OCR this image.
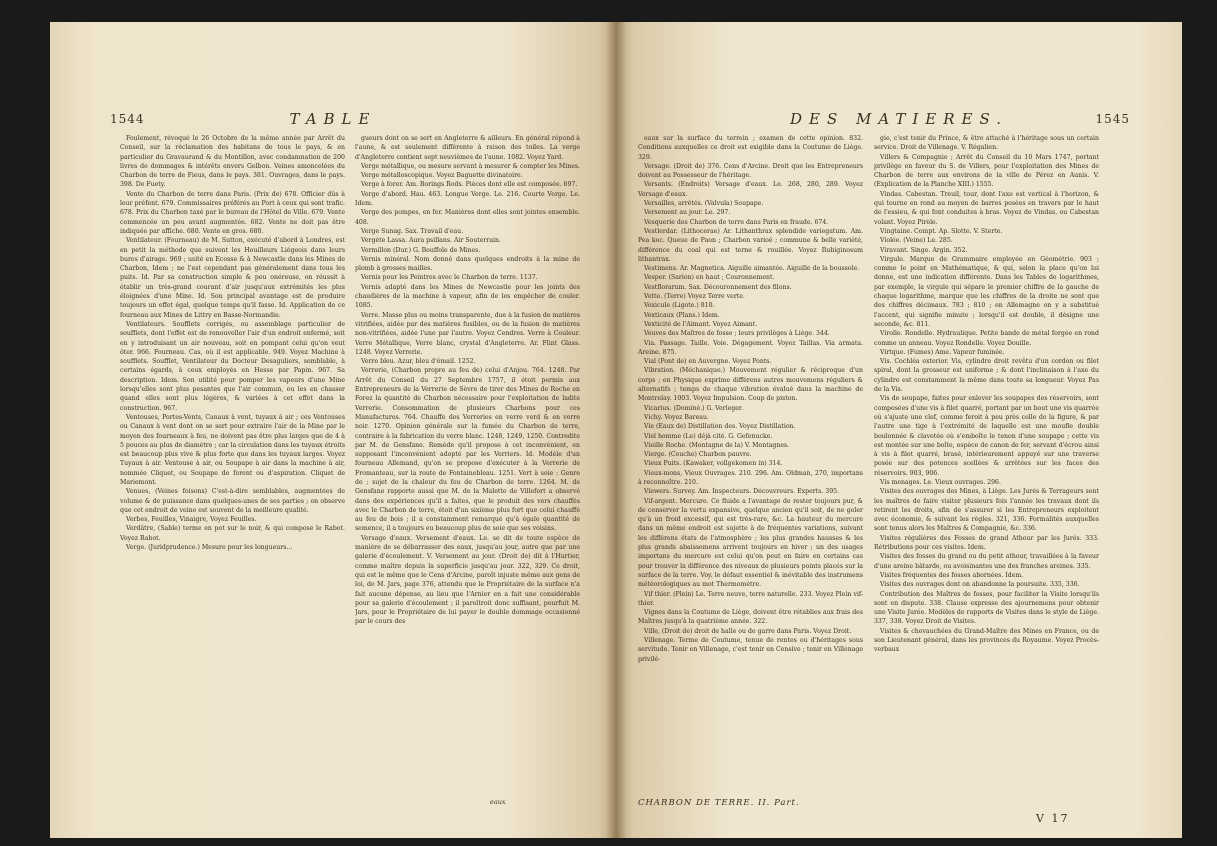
1544	TABLE

Foulement, révoqué le 26 Octobre de la même année par Arrêt du Conseil, sur la réclamation des habitans de tous le pays, & en particulier du Gravaurand & du Montillon, avec condamnation de 200 livres de dommages & intérêts envers Gelbon. Veines amoncelées du Charbon de terre de Fieus, dans le pays. 381. Ouvrages, dans le pays. 398. De Fuety.

Vente du Charbon de terre dans Paris. (Prix de) 678. Officier dûs à leur préfent. 679. Commissaires préférés au Port à ceux qui sont trafic. 678. Prix du Charbon taxé par le bureau de l'Hôtel de Ville. 679. Vente commencée un peu avant augmentée. 682. Vente ne doit pas être indiquée par affiche. 680. Vente en gros. 680.

Ventilateur. (Fourneau) de M. Sutton, exécuté d'abord à Londres, est en petit la méthode que suivent les Houilleurs Liégeois dans leurs bures d'airage. 969 ; usité en Ecosse & à Newcastle dans les Mines de Charbon, Idem ; ne l'est cependant pas généralement dans tous les puits. Id. Par sa construction simple & peu onéreuse, on réussit à établir un très-grand courant d'air jusqu'aux extrémités les plus éloignées d'une Mine. Id. Son principal avantage est de produire toujours un effet égal, quelque temps qu'il fasse. Id. Application de ce fourneau aux Mines de Littry en Basse-Normandie.

Ventilateurs. Soufflets corrigés, ou assemblage particulier de soufflets, dont l'effet est de renouveller l'air d'un endroit enfermé, soit en y introduisant un air nouveau, soit en pompant celui qu'on veut ôter. 966. Fourneau. Cas, où il est applicable. 949. Voyez Machine à soufflets. Soufflet, Ventilateur du Docteur Desaguliers, semblable, à certains égards, à ceux employés en Hesse par Papin. 967. Sa description. Idem. Son utilité pour pomper les vapeurs d'une Mine lorsqu'elles sont plus pesantes que l'air commun, ou les en chasser quand elles sont plus légères, & variées à cet effet dans la construction. 967.

Ventouses, Portes-Vents, Canaux à vent, tuyaux à air ; ces Ventouses ou Canaux à vent dont on se sert pour extraire l'air de la Mine par le moyen des fourneaux à feu, ne doivent pas être plus larges que de 4 à 5 pouces au plus de diamètre ; car la circulation dans les tuyaux étroits est beaucoup plus vive & plus forte que dans les tuyaux larges. Voyez Tuyaux à air. Ventouse à air, ou Soupape à air dans la machine à air, nommée Cliquet, ou Soupape de forent ou d'aspiration. Cliquet de Mariemont.

Venues, (Veines foisons) C'est-à-dire semblables, augmentées de volume & de puissance dans quelques-unes de ses parties ; on observe que cet endroit de veine est souvent de la meilleure qualité.

Verbes, Feuilles, Vinaigre, Voyez Feuilles.

Verdâtre, (Sable) terme en pot sur le noir, & qui compose le Rabot. Voyez Rabot.

Verge. (Juridprudence.) Mesure pour les longueurs...

gueurs dont on se sert en Angleterre & ailleurs. En général répond à l'aune, & est seulement différente à raison des toiles. La verge d'Angleterre contient sept neuvièmes de l'aune. 1082. Voyez Yard.

Verge métallique, ou mesure servant à mesurer & compter les Mines.

Verge métalloscopique. Voyez Baguette divinatoire.

Verge à forer. Am. Borings Rods. Pièces dont elle est composée. 697.

Verge d'abord. Hau. 463. Longue Verge. Le. 216. Courte Verge. Le. Idem.

Verge des pompes, en fer. Manières dont elles sont jointes ensemble. 408.

Verge Sunag. Sax. Travail d'eau.

Vergète Lassa. Aura psillans. Air Souterrain.

Vermillon (Dur.) G. Bouffole de Mines.

Vernis minéral. Nom donné dans quelques endroits à la mine de plomb à grosses mailles.

Vernis pour les Peintres avec le Charbon de terre. 1137.

Vernis adapté dans les Mines de Newcastle pour les joints des chaudières de la machine à vapeur, afin de les empêcher de couler. 1085.

Verre. Masse plus ou moins transparente, due à la fusion de matières vitrifiées, aidée par des matières fusibles, ou de la fusion de matières non-vitrifiées, aidée l'une par l'autre. Voyez Cendres. Verre à Couleur. Verre Métallique, Verre blanc, crystal d'Angleterre. Ar. Flint Glass. 1248. Voyez Verrerie.

Verre bleu. Azur, bleu d'émail. 1252.

Verrerie, (Charbon propre au feu de) celui d'Anjou. 764. 1248. Par Arrêt du Conseil du 27 Septembre 1757, il étoit permis aux Entrepreneurs de la Verrerie de Sèvre de tirer des Mines de Roche en Forez la quantité de Charbon nécessaire pour l'exploitation de ladite Verrerie. Consommation de plusieurs Charbons pour ces Manufactures. 764. Chauffe des Verreries en verre verd & en verre noir. 1270. Opinion générale sur la fumée du Charbon de terre, contraire à la fabrication du verre blanc. 1248, 1249, 1250. Contredite par M. de Gensfane. Remède qu'il propose à cet inconvénient, en supposant l'inconvénient adopté par les Verriers. Id. Modèle d'un fourneau Allemand, qu'on se propose d'exécuter à la Verrerie de Fromanteau, sur la route de Fontainebleau. 1251. Vert à soie : Genre de ; sujet de la chaleur du feu de Charbon de terre. 1264. M. de Gensfane rapporte aussi que M. de la Malette de Villefort a observé dans des expériences qu'il a faites, que le produit des vers chauffés avec le Charbon de terre, étoit d'un sixième plus fort que celui chauffé au feu de bois ; il a constamment remarqué qu'à égale quantité de semence, il a toujours eu beaucoup plus de soie que ses voisins.

Versage d'eaux. Versement d'eaux. Le. se dit de toute espèce de manière de se débarrasser des eaux, jusqu'au jour, autre que par une galerie d'écoulement. V. Versement au jour. (Droit de) dit à l'Hurtier, comme maître depuis la superficie jusqu'au jour. 322, 329. Ce droit, qui est le même que le Cens d'Arcine, paroît injuste même aux gens de loi, de M. Jars, page 376, attendu que le Propriétaire de la surface n'a fait aucune dépense, au lieu que l'Arnier en a fait une considérable pour sa galerie d'écoulement ; il paroîtroit donc suffisant, pourfuit M. Jars, pour le Propriétaire de lui payer le double dommage occasionné par le cours des

eaux
DES MATIERES.	1545

eaux sur la surface du terrein ; examen de cette opinion. 832. Conditions auxquelles ce droit est exigible dans la Coutume de Liège. 329.

Versage. (Droit de) 376. Cens d'Arcine. Droit que les Entrepreneurs doivent au Possesseur de l'héritage.

Versants. (Endroits) Versage d'eaux. Le. 268, 280, 289. Voyez Versage d'eaux.

Versailles, arrêtés. (Valvula) Soupape.

Versement au jour. Le. 297.

Vesquerie des Charbon de terre dans Paris en fraude. 674.

Vestlerdar. (Lithocerae) Ar. Lithanthrax splendide variegatum. Am. Pea koc. Queue de Paon ; Charbon varioé ; commune & belle variété, différence du coal qui est terne & rouillée. Voyez Rubiginosum lithantrax.

Vestimens. Ar. Magnetica. Aiguille aimantée. Aiguille de la boussole.

Vesper. (Sarion) en haut ; Couronnement.

Vestflorarum. Sax. Découronnement des filons.

Vette. (Terre) Voyez Terre verte.

Vexicule (Ligote.) 810.

Vexticaux (Plans.) Idem.

Vexticité de l'Aimant. Voyez Aimant.

Veuves des Maîtres de fosse ; leurs privilèges à Liège. 344.

Via. Passage. Taille. Voie. Dégagement. Voyez Taillas. Via armata. Areine. 875.

Vial (Pont de) en Auvergne. Voyez Ponts.

Vibration. (Méchanique.) Mouvement régulier & réciproque d'un corps ; en Physique exprime différens autres mouvemens réguliers & alternatifs ; temps de chaque vibration évalué dans la machine de Montrelay. 1003. Voyez Impulsion. Coup de piston.

Vicarius. (Dominé.) G. Verleger.

Vichy. Voyez Bareau.

Vie (Eaux de) Distillation des. Voyez Distillation.

Viel homme (Le) déjà cité. G. Gefenucke.

Vieille Roche. (Montagne de la) V. Montagnes.

Vierge. (Couche) Charbon pauvre.

Vieux Puits. (Kawaker, vollgekomen in) 314.

Vieux-mons, Vieux Ouvrages. 210. 296. Am. Oldman, 270, importans à reconnoître. 210.

Viewers. Survey. Am. Inspecteurs. Découvreurs. Experts. 395.

Vif-argent. Mercure. Ce fluide a l'avantage de rester toujours pur, & de conserver la vertu expansive, quelque ancien qu'il soit, de ne geler qu'à un froid excessif, qui est très-rare, &c. La hauteur du mercure dans un même endroit est sujette à de fréquentes variations, suivant les différens états de l'atmosphère ; les plus grandes hausses & les plus grands abaissemens arrivent toujours en hiver ; un des usages importans du mercure est celui qu'on peut en faire en certains cas pour trouver la différence des niveaux de plusieurs points placés sur la surface de la terre. Voy. le défaut essentiel & inévitable des instrumens météorologiques au mot Thermomètre.

Vif thier. (Plein) Le. Terre neuve, terre naturelle. 233. Voyez Plein vif-thier.

Vignes dans la Coutume de Liège, doivent être rétablies aux frais des Maîtres jusqu'à la quatrième année. 322.

Ville, (Droit de) droit de halle ou de garre dans Paris. Voyez Droit.

Villenage. Terme de Coutume, tenue de rentes ou d'héritages sous servitude. Tenir en Villenage, c'est tenir en Censive ; tenir en Villenage privilé-

gie, c'est tenir du Prince, & être attaché à l'héritage sous un certain service. Droit de Villenage. V. Régalien.

Villers & Compagnie ; Arrêt du Conseil du 10 Mars 1747, portant privilège en faveur du S. de Villers, pour l'exploitation des Mines de Charbon de terre aux environs de la ville de Pérez en Aunis. V. (Explication de la Planche XIII.) 1555.

Vindas. Cabestan. Treuil, tour, dont l'axe est vertical à l'horizon, & qui tourne en rond au moyen de barres posées en travers par le haut de l'essieu, & qui font conduites à bras. Voyez de Vindas, ou Cabestan volant. Voyez Pirèle.

Vingtaine. Compt. Ap. Slotte. V. Sterte.

Violée. (Veine) Le. 285.

Viravant. Singe. Argin. 352.

Virgule. Marque de Grammaire employée en Géométrie. 903 ; comme le point en Mathématique, & qui, selon la place qu'on lui donne, est une indication différente. Dans les Tables de logarithmes, par exemple, la virgule qui sépare le premier chiffre de la gauche de chaque logarithme, marque que les chiffres de la droite ne sont que des chiffres décimaux. 783 ; 810 ; en Allemagne on y a substitué l'accent, qui signifie minute ; lorsqu'il est double, il désigne une seconde, &c. 811.

Virolle. Rondelle. Hydraulique. Petite bande de métal forgée en rond comme un anneau. Voyez Rondelle. Voyez Douille.

Virtque. (Fumes) Ame. Vapeur fuminée.

Vis. Cochléa exterior. Vis, cylindre droit revêtu d'un cordon ou filet spiral, dont la grosseur est uniforme ; & dont l'inclinaison à l'axe du cylindre est constamment la même dans toute sa longueur. Voyez Pas de la Vis.

Vis de soupape, faites pour enlever les soupapes des réservoirs, sont composées d'une vis à filet quarré, portant par un bout une vis quarrée où s'ajuste une clef, comme feroit à peu près celle de la figure, & par l'autre une tige à l'extrémité de laquelle est une moufle double boulonnée & clavetée où s'emboîte le tenon d'une soupape ; cette vis est montée sur une boîte, espèce de canon de fer, servant d'écrou ainsi à vis à filet quarré, brasé, intérieurement appuyé sur une traverse posée sur des potences scellées & arrêtées sur les faces des réservoirs. 903, 906.

Vis menages. Le. Vieux ouvrages. 296.

Visites des ouvrages des Mines, à Liège. Les Jurés & Terrageurs sont les maîtres de faire visiter plusieurs fois l'année les travaux dont ils retirent les droits, afin de s'assurer si les Entrepreneurs exploitent avec économie, & suivant les règles. 321, 336. Formalités auxquelles sont tenus alors les Maîtres & Compagnie, &c. 336.

Visites régulières des Fosses de grand Athour par les Jurés. 333. Rétributions pour ces visites. Idem.

Visites des fosses du grand ou du petit athour, travaillées à la faveur d'une areine bâtarde, ou avoisinantes une des franches areines. 335.

Visites fréquentes des fosses abornées. Idem.

Visites des ouvrages dont on abandonne la poursuite. 335, 336.

Contribution des Maîtres de fosses, pour faciliter la Visite lorsqu'ils sont en dispute. 338. Clause expresse des ajournemens pour obtenir une Visite Jurée. Modèles de rapports de Visites dans le style de Liège. 337, 338. Voyez Droit de Visites.

Visites & chevauchées du Grand-Maître des Mines en France, ou de son Lieutenant général, dans les provinces du Royaume. Voyez Procès-verbaux

CHARBON DE TERRE. II. Part.
V 17
